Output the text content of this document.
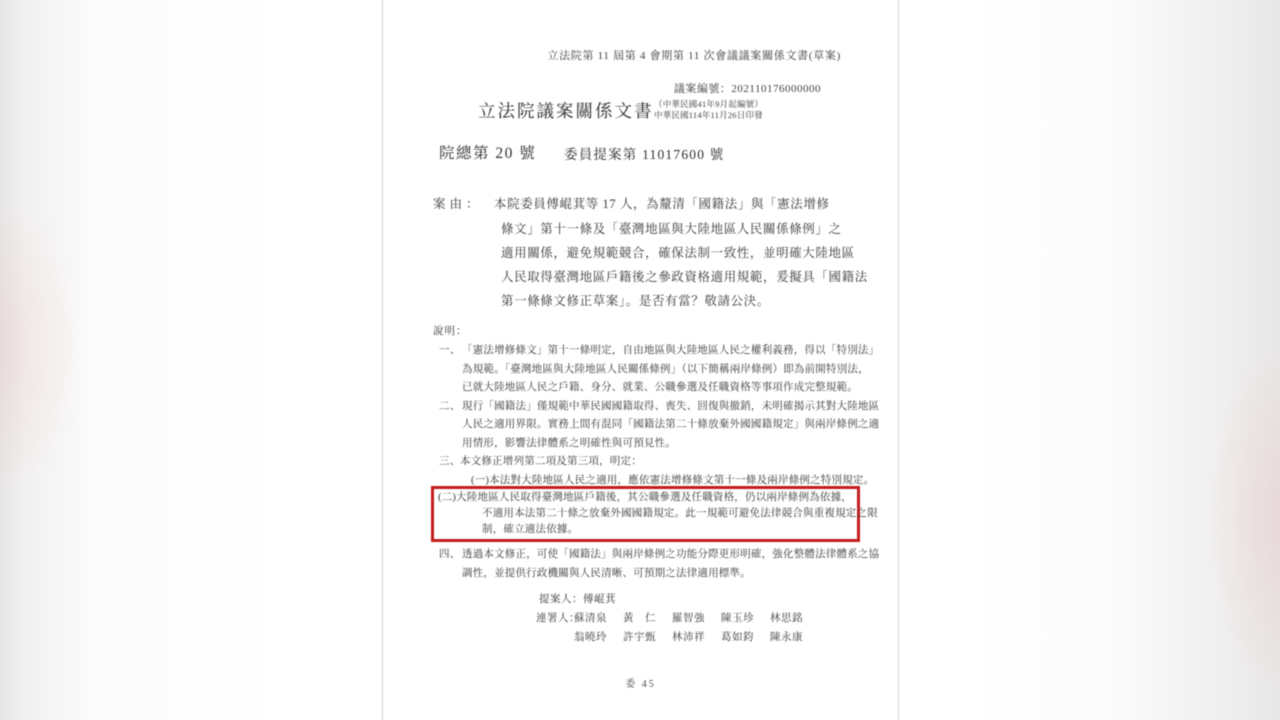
立法院第 11 屆第 4 會期第 11 次會議議案關係文書(草案)
議案編號：202110176000000
立法院議案關係文書 （中華民國41年9月起編號）
中華民國114年11月26日印發
院總第 20 號 委員提案第 11017600 號
案由： 本院委員傅崐萁等 17 人，為釐清「國籍法」與「憲法增修
條文」第十一條及「臺灣地區與大陸地區人民關係條例」之
適用關係，避免規範競合，確保法制一致性，並明確大陸地區
人民取得臺灣地區戶籍後之參政資格適用規範，爰擬具「國籍法
第一條條文修正草案」。是否有當？敬請公決。
說明：
一、 「憲法增修條文」第十一條明定，自由地區與大陸地區人民之權利義務，得以「特別法」
為規範。「臺灣地區與大陸地區人民關係條例」（以下簡稱兩岸條例）即為前開特別法，
已就大陸地區人民之戶籍、身分、就業、公職參選及任職資格等事項作成完整規範。
二、 現行「國籍法」僅規範中華民國國籍取得、喪失、回復與撤銷，未明確揭示其對大陸地區
人民之適用界限。實務上間有混同「國籍法第二十條放棄外國國籍規定」與兩岸條例之適
用情形，影響法律體系之明確性與可預見性。
三、 本文修正增列第二項及第三項，明定：
(一)本法對大陸地區人民之適用，應依憲法增修條文第十一條及兩岸條例之特別規定。
(二)大陸地區人民取得臺灣地區戶籍後，其公職參選及任職資格，仍以兩岸條例為依據，
不適用本法第二十條之放棄外國國籍規定。此一規範可避免法律競合與重複規定之限
制，確立適法依據。
四、 透過本文修正，可使「國籍法」與兩岸條例之功能分際更形明確，強化整體法律體系之協
調性，並提供行政機關與人民清晰、可預期之法律適用標準。
提案人：傅崐萁
連署人：
蘇清泉 黃　仁 羅智強 陳玉珍 林思銘
翁曉玲 許宇甄 林沛祥 葛如鈞 陳永康
委 45
